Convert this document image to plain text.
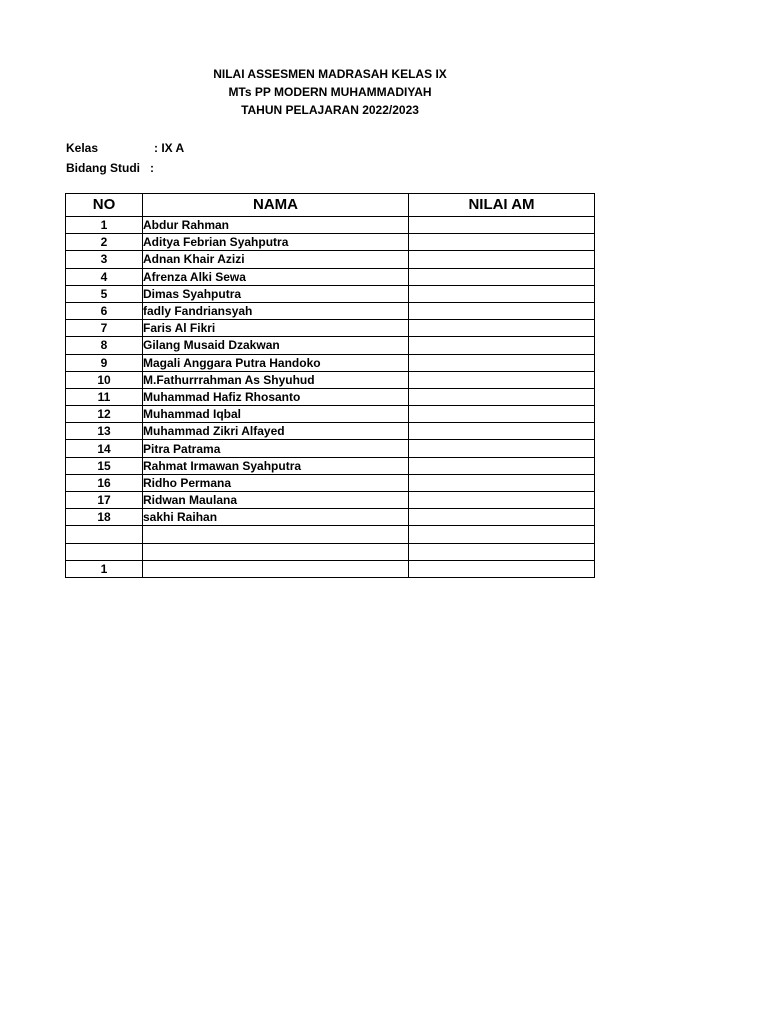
NILAI ASSESMEN MADRASAH KELAS IX
MTs PP MODERN MUHAMMADIYAH
TAHUN PELAJARAN 2022/2023
Kelas	: IX A
Bidang Studi :
NO	NAMA	NILAI AM
1	Abdur Rahman	
2	Aditya Febrian Syahputra	
3	Adnan Khair Azizi	
4	Afrenza Alki Sewa	
5	Dimas Syahputra	
6	fadly Fandriansyah	
7	Faris Al Fikri	
8	Gilang Musaid Dzakwan	
9	Magali Anggara Putra Handoko	
10	M.Fathurrrahman As Shyuhud	
11	Muhammad Hafiz Rhosanto	
12	Muhammad Iqbal	
13	Muhammad Zikri Alfayed	
14	Pitra Patrama	
15	Rahmat Irmawan Syahputra	
16	Ridho Permana	
17	Ridwan Maulana	
18	sakhi Raihan	

1		
